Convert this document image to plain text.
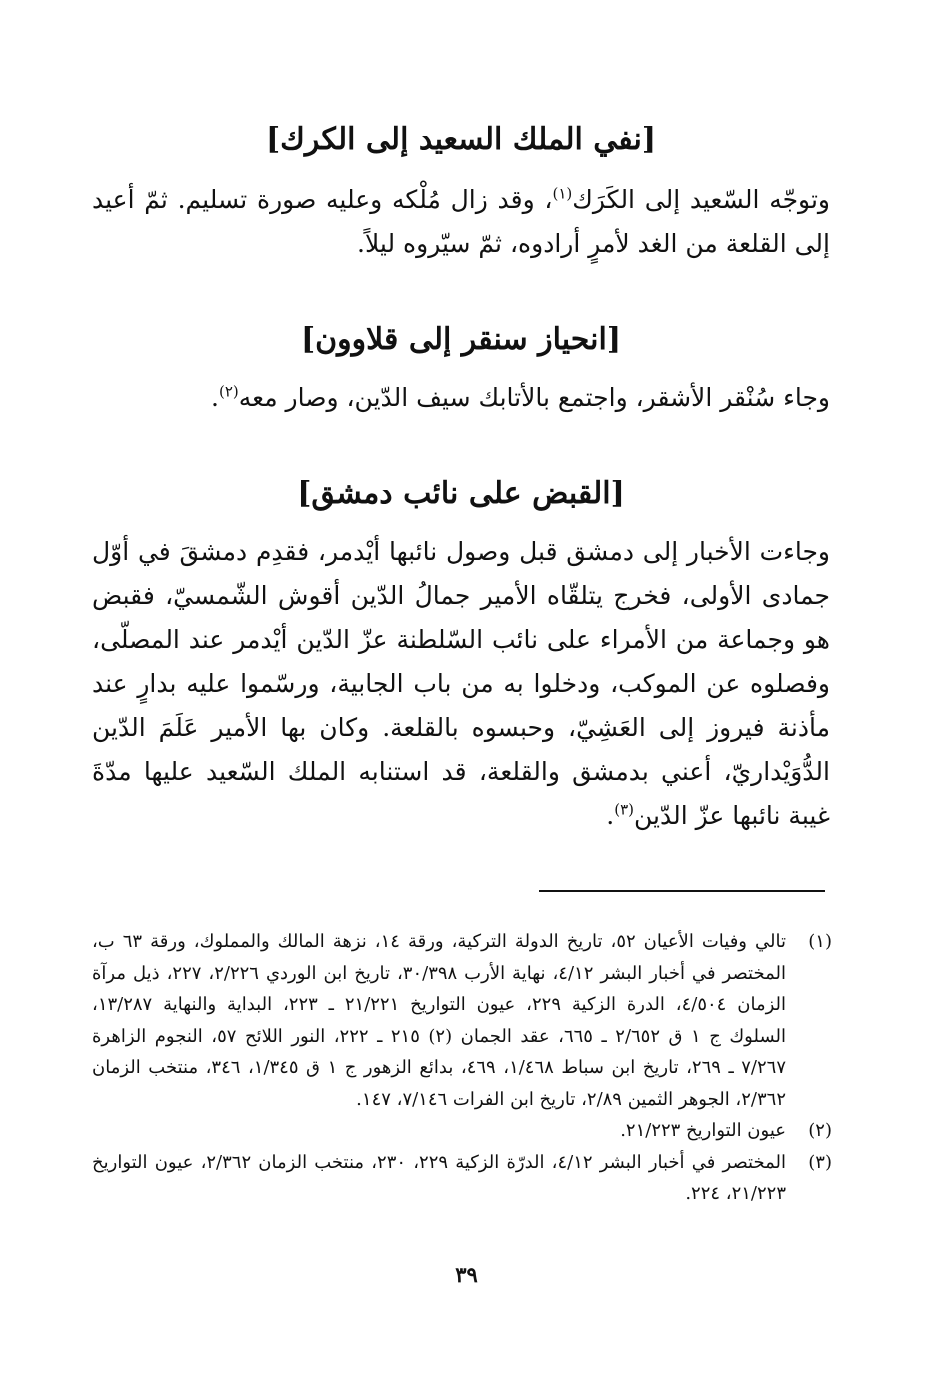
[نفي الملك السعيد إلى الكرك]

وتوجّه السّعيد إلى الكَرَك$^{(١)}$، وقد زال مُلْكه وعليه صورة تسليم. ثمّ أعيد إلى القلعة من الغد لأمرٍ أرادوه، ثمّ سيّروه ليلاً.

[انحياز سنقر إلى قلاوون]

وجاء سُنْقر الأشقر، واجتمع بالأتابك سيف الدّين، وصار معه$^{(٢)}$.

[القبض على نائب دمشق]

وجاءت الأخبار إلى دمشق قبل وصول نائبها أيْدمر، فقدِم دمشقَ في أوّل جمادى الأولى، فخرج يتلقّاه الأمير جمالُ الدّين أقوش الشّمسيّ، فقبض هو وجماعة من الأمراء على نائب السّلطنة عزّ الدّين أيْدمر عند المصلّى، وفصلوه عن الموكب، ودخلوا به من باب الجابية، ورسّموا عليه بدارٍ عند مأذنة فيروز إلى العَشِيّ، وحبسوه بالقلعة. وكان بها الأمير عَلَمَ الدّين الدُّوَيْداريّ، أعني بدمشق والقلعة، قد استنابه الملك السّعيد عليها مدّةَ غيبة نائبها عزّ الدّين$^{(٣)}$.

(١)
تالي وفيات الأعيان ٥٢، تاريخ الدولة التركية، ورقة ١٤، نزهة المالك والمملوك، ورقة ٦٣ ب، المختصر في أخبار البشر ٤/١٢، نهاية الأرب ٣٠/٣٩٨، تاريخ ابن الوردي ٢/٢٢٦، ٢٢٧، ذيل مرآة الزمان ٤/٥٠٤، الدرة الزكية ٢٢٩، عيون التواريخ ٢١/٢٢١ ـ ٢٢٣، البداية والنهاية ١٣/٢٨٧، السلوك ج ١ ق ٢/٦٥٢ ـ ٦٦٥، عقد الجمان (٢) ٢١٥ ـ ٢٢٢، النور اللائح ٥٧، النجوم الزاهرة ٧/٢٦٧ ـ ٢٦٩، تاريخ ابن سباط ١/٤٦٨، ٤٦٩، بدائع الزهور ج ١ ق ١/٣٤٥، ٣٤٦، منتخب الزمان ٢/٣٦٢، الجوهر الثمين ٢/٨٩، تاريخ ابن الفرات ٧/١٤٦، ١٤٧.
(٢)
عيون التواريخ ٢١/٢٢٣.
(٣)
المختصر في أخبار البشر ٤/١٢، الدرّة الزكية ٢٢٩، ٢٣٠، منتخب الزمان ٢/٣٦٢، عيون التواريخ ٢١/٢٢٣، ٢٢٤.
٣٩
